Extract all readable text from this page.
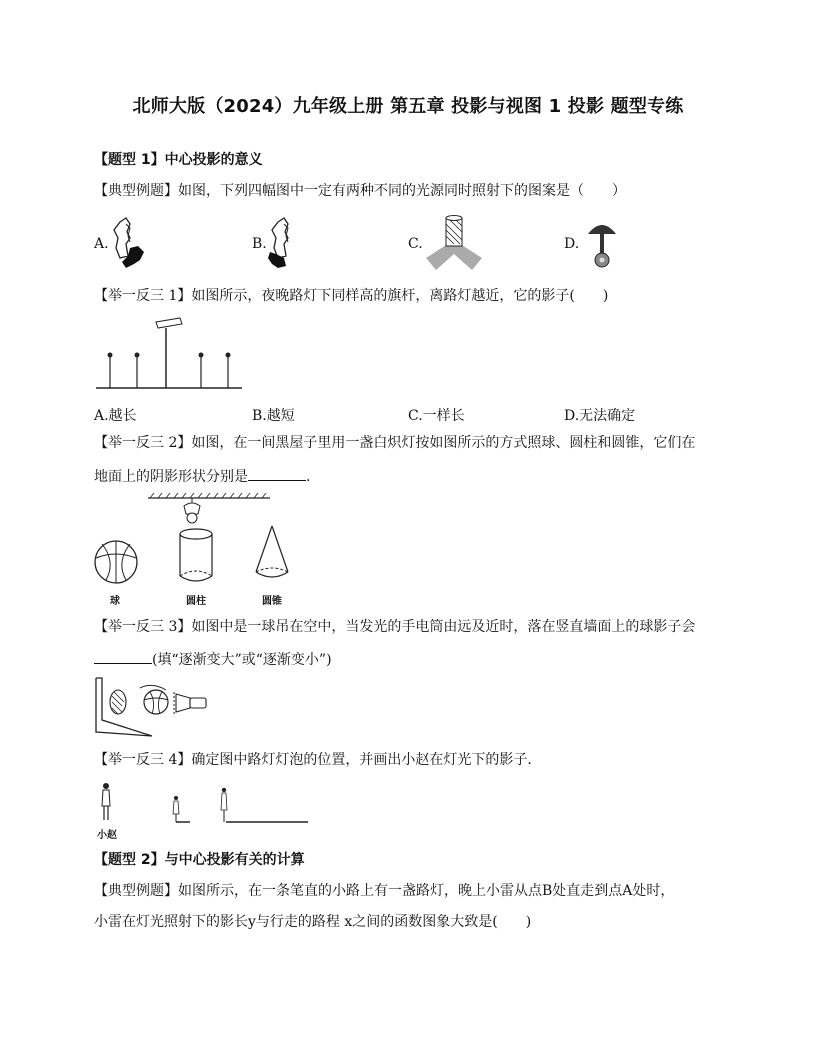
北师大版（2024）九年级上册 第五章 投影与视图 1 投影 题型专练
【题型 1】中心投影的意义
【典型例题】如图，下列四幅图中一定有两种不同的光源同时照射下的图案是（　　）
A.	B.	C.	D.
【举一反三 1】如图所示，夜晚路灯下同样高的旗杆，离路灯越近，它的影子(　　)
A.越长	B.越短	C.一样长	D.无法确定
【举一反三 2】如图，在一间黑屋子里用一盏白炽灯按如图所示的方式照球、圆柱和圆锥，它们在
地面上的阴影形状分别是	.
球	圆柱	圆锥
【举一反三 3】如图中是一球吊在空中，当发光的手电筒由远及近时，落在竖直墙面上的球影子会
(填“逐渐变大”或“逐渐变小”)
【举一反三 4】确定图中路灯灯泡的位置，并画出小赵在灯光下的影子．
小赵
【题型 2】与中心投影有关的计算
【典型例题】如图所示，在一条笔直的小路上有一盏路灯，晚上小雷从点B处直走到点A处时，
小雷在灯光照射下的影长y与行走的路程 x之间的函数图象大致是(　　)
